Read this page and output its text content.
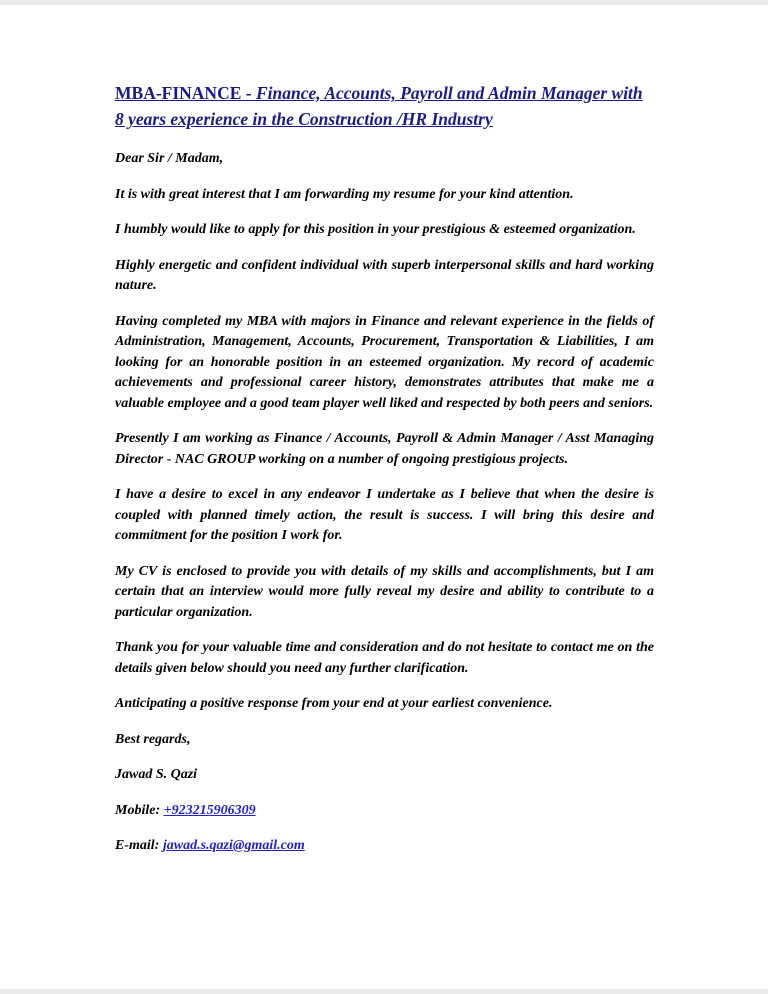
MBA-FINANCE - Finance, Accounts, Payroll and Admin Manager with 8 years experience in the Construction /HR Industry

Dear Sir / Madam,

It is with great interest that I am forwarding my resume for your kind attention.

I humbly would like to apply for this position in your prestigious & esteemed organization.

Highly energetic and confident individual with superb interpersonal skills and hard working nature.

Having completed my MBA with majors in Finance and relevant experience in the fields of Administration, Management, Accounts, Procurement, Transportation & Liabilities, I am looking for an honorable position in an esteemed organization. My record of academic achievements and professional career history, demonstrates attributes that make me a valuable employee and a good team player well liked and respected by both peers and seniors.

Presently I am working as Finance / Accounts, Payroll & Admin Manager / Asst Managing Director - NAC GROUP working on a number of ongoing prestigious projects.

I have a desire to excel in any endeavor I undertake as I believe that when the desire is coupled with planned timely action, the result is success. I will bring this desire and commitment for the position I work for.

My CV is enclosed to provide you with details of my skills and accomplishments, but I am certain that an interview would more fully reveal my desire and ability to contribute to a particular organization.

Thank you for your valuable time and consideration and do not hesitate to contact me on the details given below should you need any further clarification.

Anticipating a positive response from your end at your earliest convenience.

Best regards,

Jawad S. Qazi

Mobile: +923215906309

E-mail: jawad.s.qazi@gmail.com
